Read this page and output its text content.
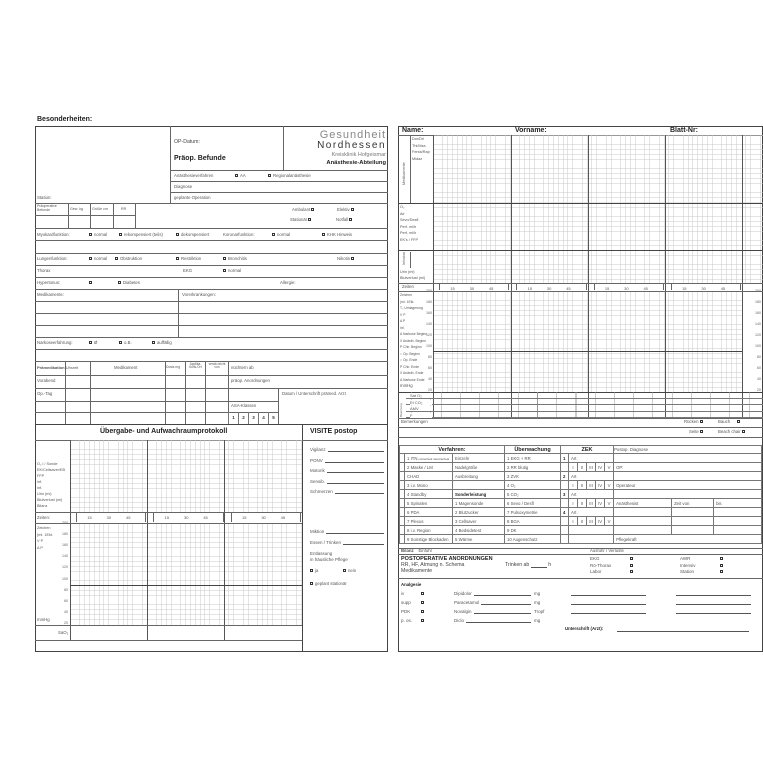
Besonderheiten:
Station:
OP-Datum:
Präop. Befunde
Gesundheit
Nordhessen
Kreisklinik Hofgeismar
Anästhesie-Abteilung
Anästhesieverfahren	AA	Regionalanästhesie
Diagnose
geplante Operation
Präoperative Befunde	Gew. kg	Größe cm	RR	Ambulant	Elektiv
Stationär	Notfall
Myokardfunktion:	normal	rekompensiert (teils)	dekompensiert	Koronarfunktion:	normal	KHK Hinweis
Lungenfunktion:	normal	Obstruktion	Restriktion	Bronchitis	Nikotin
Thorax	EKG	normal
Hypertonus:	Diabetes	Allergie:
Medikamente:	Vorerkrankungen:
Narkoseerfahrung:	Ø	o.B.	auffällig
Prämedikation Uhrzeit	Medikament	Dosis mg
Applika-tions-Ort
verab-reicht von	nüchtern ab
Vorabend	präop. Anordnungen
Op.-Tag	Datum / Unterschrift prämed. Arzt
ASA-Klassen
1	2	3	4	5
Übergabe- und Aufwachraumprotokoll	VISITE postop
O₂ l / Sonde
EK/Cellsaver/EB
FFP
inf.
inf.
Urin (ml)
Blutverlust (ml)
Bilanz
Zeiten:	15	30	45	15	30	45	15	30	45
Zeichen
(ml. 1Ekt.
V P
A P
200
180
160
140
120
100
80
60
40
20
mmHg
SaO₂
Vigilanz
PONV
Motorik
Sensib.
Schmerzen
Miktion
Essen / Trinken
Entlassung
in häusliche Pflege
ja	nein
geplant stationär
Name:	Vorname:	Blatt-Nr:
Medikamente
Dor/Dri
Thi/Mza
Fenta/Rap
Midaz
O₂
Air
Sevo/Desfl
Perf. ml/h
Perf. ml/h
EK's / FFP
Infusion
Urin (ml)
Blutverlust (ml)
Zeiten	15	30	45	15	30	45	15	30	45	15	30	45
Zeichen
(ml. 1Ekt.
T₀ Umlagerung
V P
A P
inf.
A Narkose Beginn
X Anästh. Beginn
P Chir. Beginn
○ Op. Beginn
○ Op. Ende
P Chir. Ende
X Anästh. Ende
A Narkose Ende
200
180
160
140
120
100
80
60
40
20
200
180
160
140
120
100
80
60
40
20
mmHg
Beatmung
Sat O₂
Et CO₂
AMV
F
Bemerkungen	Rücken	Bauch
Seite	Beach chair
Verfahren:			Überwachung	ZEK						Postop. Diagnose		
	1 ITN orotracheal nasotracheal	Einzeln	1 EKG + RR	1	Art							
	2 Maske / LM	Nadelgröße	2 RR blutig		I	II	III	IV	V	OP:		
	CHAD	Ausbreitung	3 ZVK	2	Art							
	3 i.v. Mono		4 O₂		I	II	III	IV	V	Operateur		
	4 Standby	Sonderleistung	5 CO₂	3	Art							
	5 Spinalen	1 Magensonde	6 Sevo / Desfl		I	II	III	IV	V	Anästhesist	Zeit von	bis
	6 PDA	2 Blutzucker	7 Pulsoxymetrie	4	Art							
	7 Plexus	3 Cellsaver	8 BGA		I	II	III	IV	V			
	8 i.v. Region	4 Bedsidetest	9 DK									
	9 Sonstige Blockaden	5 Wärme	10 Augenschutz							Pflegekraft		
Bilanz Einfuhr	Ausfuhr / Verluste
POSTOPERATIVE ANORDNUNGEN
RR, HF, Atmung n. Schema
Medikamente
Trinken ab	h
EKG
Rö-Thorax
Labor
AWR
Intensiv
Station
Analgesie
iv	Dipidolor	mg
supp	Paracetamol	mg
PDK	Novalgin	Tropf
p. os.	Diclo	mg
Unterschrift (Arzt):
